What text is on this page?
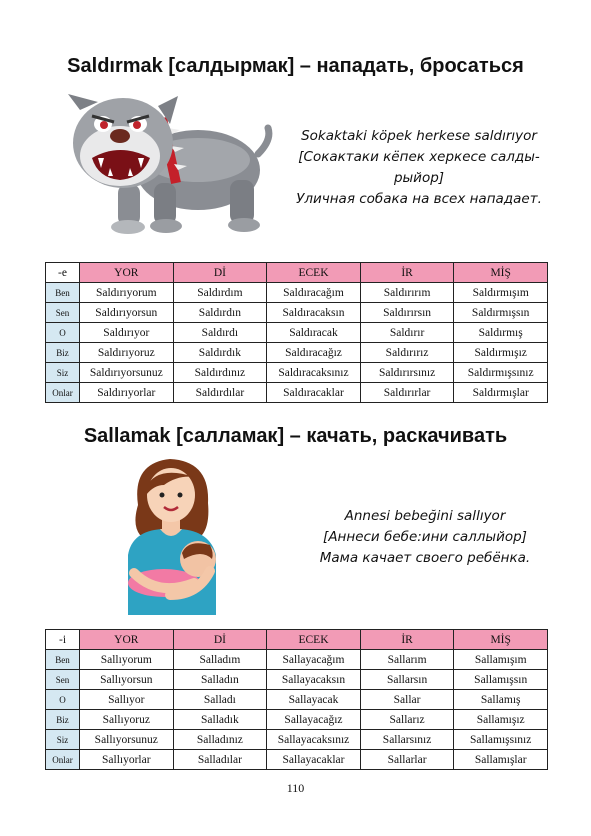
Saldırmak [салдырмак] – нападать, бросаться
Sokaktaki köpek herkese saldırıyor
[Сокактаки кёпек херкесе салды-
рыйор]
Уличная собака на всех нападает.
-e	YOR	Dİ	ECEK	İR	MİŞ
Ben	Saldırıyorum	Saldırdım	Saldıracağım	Saldırırım	Saldırmışım
Sen	Saldırıyorsun	Saldırdın	Saldıracaksın	Saldırırsın	Saldırmışsın
O	Saldırıyor	Saldırdı	Saldıracak	Saldırır	Saldırmış
Biz	Saldırıyoruz	Saldırdık	Saldıracağız	Saldırırız	Saldırmışız
Siz	Saldırıyorsunuz	Saldırdınız	Saldıracaksınız	Saldırırsınız	Saldırmışsınız
Onlar	Saldırıyorlar	Saldırdılar	Saldıracaklar	Saldırırlar	Saldırmışlar
Sallamak [салламак] – качать, раскачивать
Annesi bebeğini sallıyor
[Аннеси бебе:ини саллыйор]
Мама качает своего ребёнка.
-i	YOR	Dİ	ECEK	İR	MİŞ
Ben	Sallıyorum	Salladım	Sallayacağım	Sallarım	Sallamışım
Sen	Sallıyorsun	Salladın	Sallayacaksın	Sallarsın	Sallamışsın
O	Sallıyor	Salladı	Sallayacak	Sallar	Sallamış
Biz	Sallıyoruz	Salladık	Sallayacağız	Sallarız	Sallamışız
Siz	Sallıyorsunuz	Salladınız	Sallayacaksınız	Sallarsınız	Sallamışsınız
Onlar	Sallıyorlar	Salladılar	Sallayacaklar	Sallarlar	Sallamışlar
110
